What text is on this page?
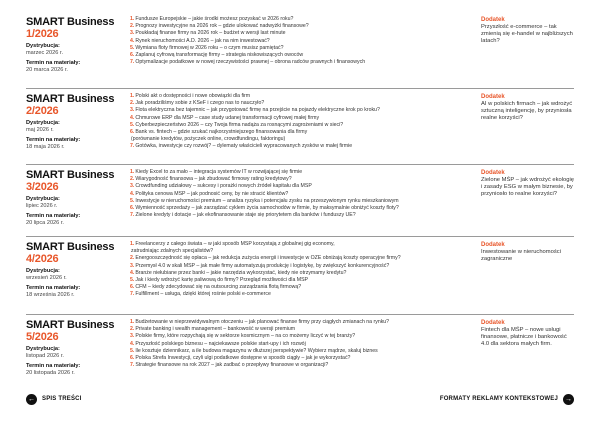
SMART Business
1/2026
Dystrybucja:
marzec 2026 r.
Termin na materiały:
20 marca 2026 r.
1.Fundusze Europejskie – jakie środki możesz pozyskać w 2026 roku?
2.Prognozy inwestycyjne na 2026 rok – gdzie ulokować nadwyżki finansowe?
3.Poukładaj finanse firmy na 2026 rok – budżet w wersji last minute
4.Rynek nieruchomości A.D. 2026 – jak na nim inwestować?
5.Wymiana floty firmowej w 2026 roku – o czym musisz pamiętać?
6.Zaplanuj cyfrową transformację firmy – strategia niskowiszących owoców
7.Optymalizacje podatkowe w nowej rzeczywistości prawnej – obrona radców prawnych i finansowych
Dodatek
Przyszłość e-commerce – tak zmienią się e-handel w najbliższych latach?
SMART Business
2/2026
Dystrybucja:
maj 2026 r.
Termin na materiały:
18 maja 2026 r.
1.Polski akt o dostępności i nowe obowiązki dla firm
2.Jak poradziliśmy sobie z KSeF i czego nas to nauczyło?
3.Flota elektryczna bez tajemnic – jak przygotować firmę na przejście na pojazdy elektryczne krok po kroku?
4.Chmurowe ERP dla MŚP – case study udanej transformacji cyfrowej małej firmy
5.Cyberbezpieczeństwo 2026 – czy Twoja firma nadąża za rosnącymi zagrożeniami w sieci?
6.Bank vs. fintech – gdzie szukać najkorzystniejszego finansowania dla firmy
(porównanie kredytów, pożyczek online, crowdfundingu, faktoringu)
7.Gotówka, inwestycje czy rozwój? – dylematy właścicieli wypracowanych zysków w małej firmie
Dodatek
AI w polskich firmach – jak wdrożyć sztuczną inteligencję, by przyniosła realne korzyści?
SMART Business
3/2026
Dystrybucja:
lipiec 2026 r.
Termin na materiały:
20 lipca 2026 r.
1.Kiedy Excel to za mało – integracja systemów IT w rozwijającej się firmie
2.Wiarygodność finansowa – jak zbudować firmowy rating kredytowy?
3.Crowdfunding udziałowy – sukcesy i porażki nowych źródeł kapitału dla MŚP
4.Polityka cenowa MŚP – jak podnosić ceny, by nie stracić klientów?
5.Inwestycje w nieruchomości premium – analiza ryzyka i potencjału zysku na przeszywionym rynku mieszkaniowym
6.Wymienność sprzedaży – jak zarządzać cyklem życia samochodów w firmie, by maksymalnie obniżyć koszty floty?
7.Zielone kredyty i dotacje – jak ekofinansowanie staje się priorytetem dla banków i funduszy UE?
Dodatek
Zielone MŚP – jak wdrożyć ekologię i zasady ESG w małym biznesie, by przyniosło to realne korzyści?
SMART Business
4/2026
Dystrybucja:
wrzesień 2026 r.
Termin na materiały:
18 września 2026 r.
1.Freelancerzy z całego świata – w jaki sposób MŚP korzystają z globalnej gig economy,
zatrudniając zdalnych specjalistów?
2.Energooszczędność się opłaca – jak redukcja zużycia energii i inwestycje w OZE obniżają koszty operacyjne firmy?
3.Przemysł 4.0 w skali MŚP – jak małe firmy automatyzują produkcję i logistykę, by zwiększyć konkurencyjność?
4.Branże niełubiane przez banki – jakie narzędzia wykorzystać, kiedy nie otrzymamy kredytu?
5.Jak i kiedy wdrożyć kartę paliwową do firmy? Przegląd możliwości dla MŚP
6.CFM – kiedy zdecydować się na outsourcing zarządzania flotą firmową?
7.Fulfillment – usługa, dzięki której rośnie polski e-commerce
Dodatek
Inwestowanie w nieruchomości zagraniczne
SMART Business
5/2026
Dystrybucja:
listopad 2026 r.
Termin na materiały:
20 listopada 2026 r.
1.Budżetowanie w nieprzewidywalnym otoczeniu – jak planować finanse firmy przy ciągłych zmianach na rynku?
2.Private banking i wealth management – bankowość w wersji premium
3.Polskie firmy, które rozpychają się w sektorze kosmicznym – na co możemy liczyć w tej branży?
4.Przyszłość polskiego biznesu – najciekawsze polskie start-upy i ich rozwój
5.Ile kosztuje dziennikarz, a ile budowa magazynu w dłuższej perspektywie? Wybierz mądrze, skaluj biznes
6.Polska Strefa Inwestycji, czyli ulgi podatkowe dostępne w sposób ciągły – jak je wykorzystać?
7.Strategie finansowe na rok 2027 – jak zadbać o przepływy finansowe w organizacji?
Dodatek
Fintech dla MŚP – nowe usługi finansowe, płatnicze i bankowość 4.0 dla sektora małych firm.
←	SPIS TREŚCI	FORMATY REKLAMY KONTEKSTOWEJ →
